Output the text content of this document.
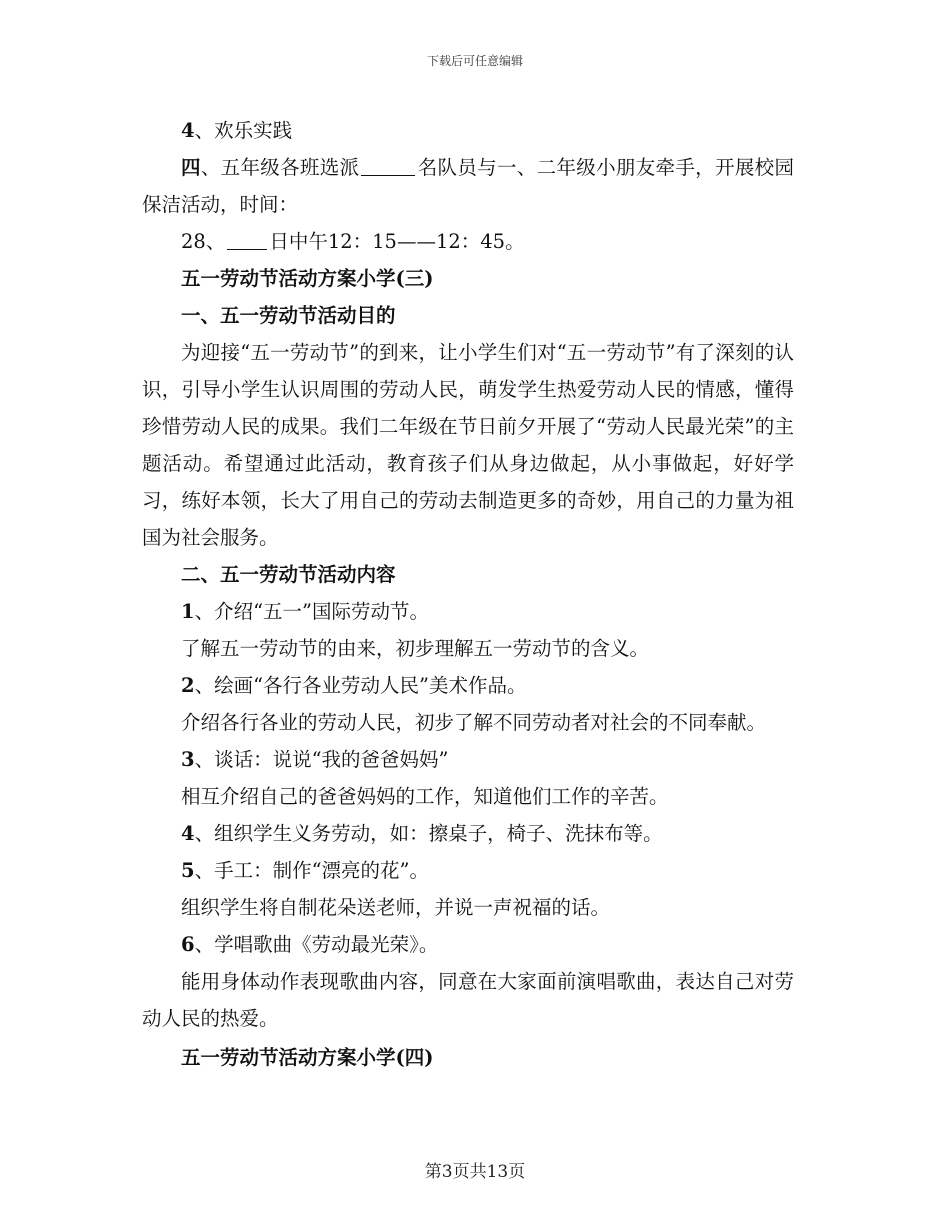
下载后可任意编辑

4、欢乐实践

四、五年级各班选派	名队员与一、二年级小朋友牵手，开展校园保洁活动，时间：

28、 日中午12：15——12：45。

五一劳动节活动方案小学(三)

一、五一劳动节活动目的

为迎接“五一劳动节”的到来，让小学生们对“五一劳动节”有了深刻的认识，引导小学生认识周围的劳动人民，萌发学生热爱劳动人民的情感，懂得珍惜劳动人民的成果。我们二年级在节日前夕开展了“劳动人民最光荣”的主题活动。希望通过此活动，教育孩子们从身边做起，从小事做起，好好学习，练好本领，长大了用自己的劳动去制造更多的奇妙，用自己的力量为祖国为社会服务。

二、五一劳动节活动内容

1、介绍“五一”国际劳动节。

了解五一劳动节的由来，初步理解五一劳动节的含义。

2、绘画“各行各业劳动人民”美术作品。

介绍各行各业的劳动人民，初步了解不同劳动者对社会的不同奉献。

3、谈话：说说“我的爸爸妈妈”

相互介绍自己的爸爸妈妈的工作，知道他们工作的辛苦。

4、组织学生义务劳动，如：擦桌子，椅子、洗抹布等。

5、手工：制作“漂亮的花”。

组织学生将自制花朵送老师，并说一声祝福的话。

6、学唱歌曲《劳动最光荣》。

能用身体动作表现歌曲内容，同意在大家面前演唱歌曲，表达自己对劳动人民的热爱。

五一劳动节活动方案小学(四)

第3页共13页
